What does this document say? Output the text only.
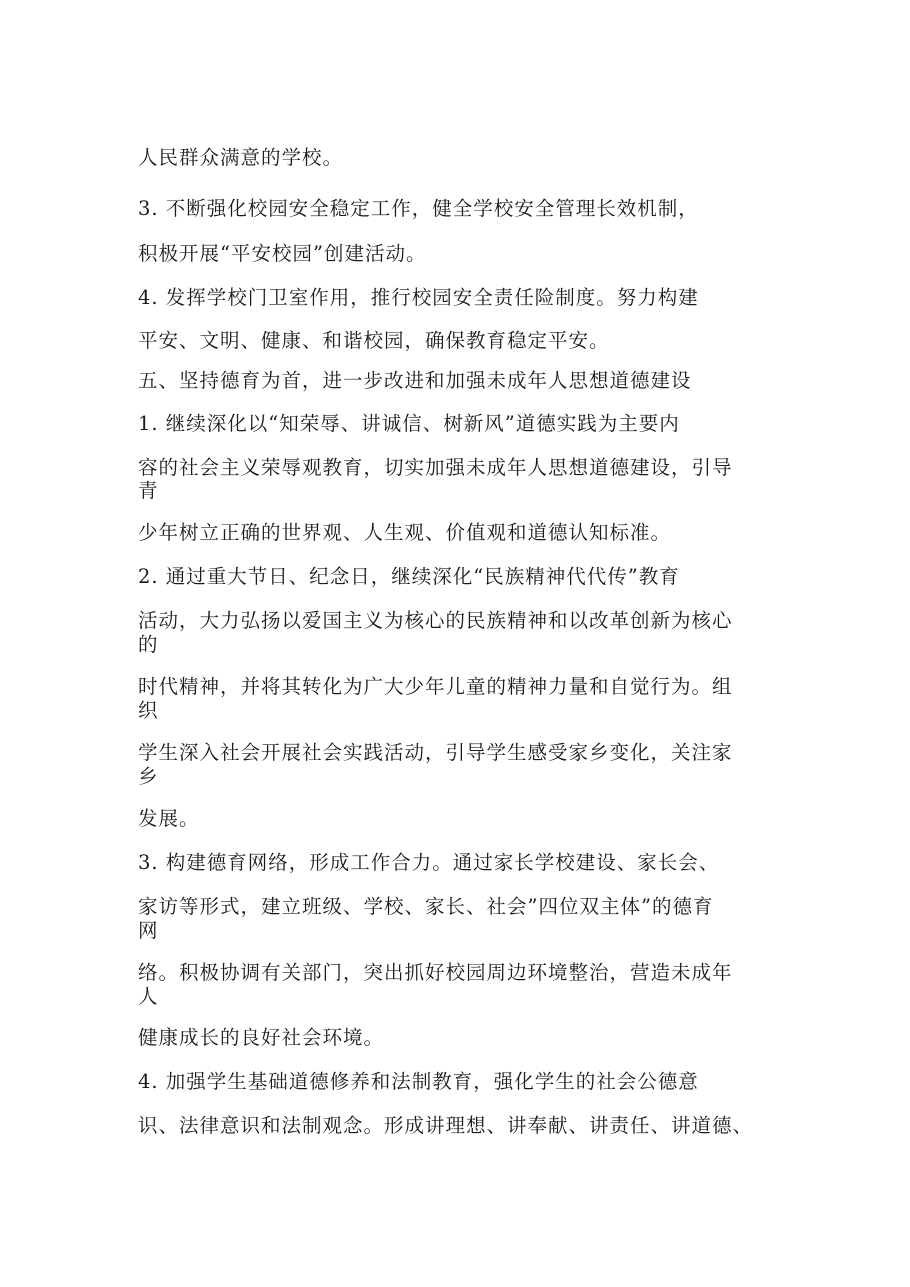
人民群众满意的学校。
3. 不断强化校园安全稳定工作，健全学校安全管理长效机制，
积极开展“平安校园”创建活动。
4. 发挥学校门卫室作用，推行校园安全责任险制度。努力构建
平安、文明、健康、和谐校园，确保教育稳定平安。
五、坚持德育为首，进一步改进和加强未成年人思想道德建设
1. 继续深化以“知荣辱、讲诚信、树新风”道德实践为主要内
容的社会主义荣辱观教育，切实加强未成年人思想道德建设，引导
青
少年树立正确的世界观、人生观、价值观和道德认知标准。
2. 通过重大节日、纪念日，继续深化“民族精神代代传”教育
活动，大力弘扬以爱国主义为核心的民族精神和以改革创新为核心
的
时代精神，并将其转化为广大少年儿童的精神力量和自觉行为。组
织
学生深入社会开展社会实践活动，引导学生感受家乡变化，关注家
乡
发展。
3. 构建德育网络，形成工作合力。通过家长学校建设、家长会、
家访等形式，建立班级、学校、家长、社会”四位双主体”的德育
网
络。积极协调有关部门，突出抓好校园周边环境整治，营造未成年
人
健康成长的良好社会环境。
4. 加强学生基础道德修养和法制教育，强化学生的社会公德意
识、法律意识和法制观念。形成讲理想、讲奉献、讲责任、讲道德、
